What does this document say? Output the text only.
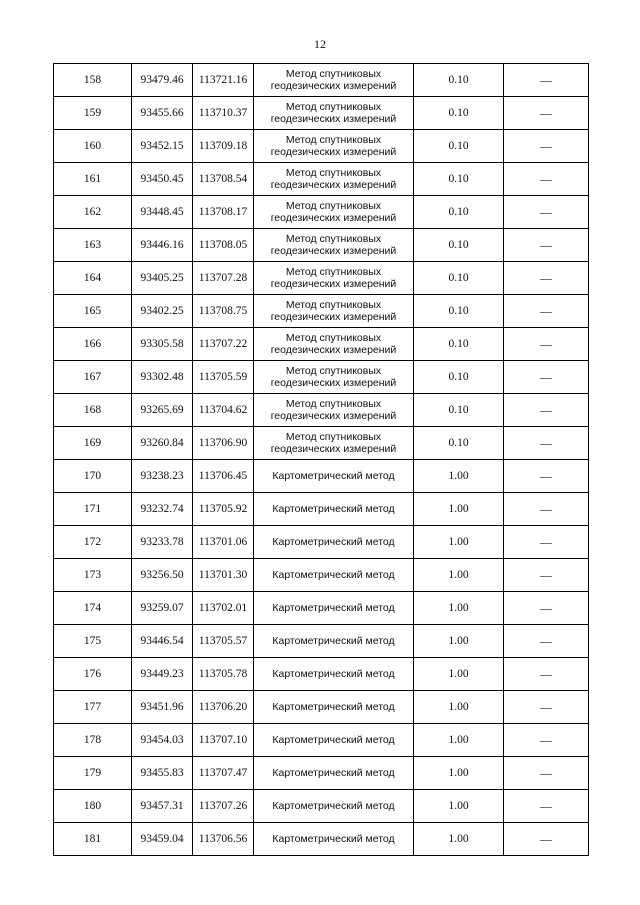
12
158	93479.46	113721.16	Метод спутниковых геодезических измерений	0.10	—
159	93455.66	113710.37	Метод спутниковых геодезических измерений	0.10	—
160	93452.15	113709.18	Метод спутниковых геодезических измерений	0.10	—
161	93450.45	113708.54	Метод спутниковых геодезических измерений	0.10	—
162	93448.45	113708.17	Метод спутниковых геодезических измерений	0.10	—
163	93446.16	113708.05	Метод спутниковых геодезических измерений	0.10	—
164	93405.25	113707.28	Метод спутниковых геодезических измерений	0.10	—
165	93402.25	113708.75	Метод спутниковых геодезических измерений	0.10	—
166	93305.58	113707.22	Метод спутниковых геодезических измерений	0.10	—
167	93302.48	113705.59	Метод спутниковых геодезических измерений	0.10	—
168	93265.69	113704.62	Метод спутниковых геодезических измерений	0.10	—
169	93260.84	113706.90	Метод спутниковых геодезических измерений	0.10	—
170	93238.23	113706.45	Картометрический метод	1.00	—
171	93232.74	113705.92	Картометрический метод	1.00	—
172	93233.78	113701.06	Картометрический метод	1.00	—
173	93256.50	113701.30	Картометрический метод	1.00	—
174	93259.07	113702.01	Картометрический метод	1.00	—
175	93446.54	113705.57	Картометрический метод	1.00	—
176	93449.23	113705.78	Картометрический метод	1.00	—
177	93451.96	113706.20	Картометрический метод	1.00	—
178	93454.03	113707.10	Картометрический метод	1.00	—
179	93455.83	113707.47	Картометрический метод	1.00	—
180	93457.31	113707.26	Картометрический метод	1.00	—
181	93459.04	113706.56	Картометрический метод	1.00	—
